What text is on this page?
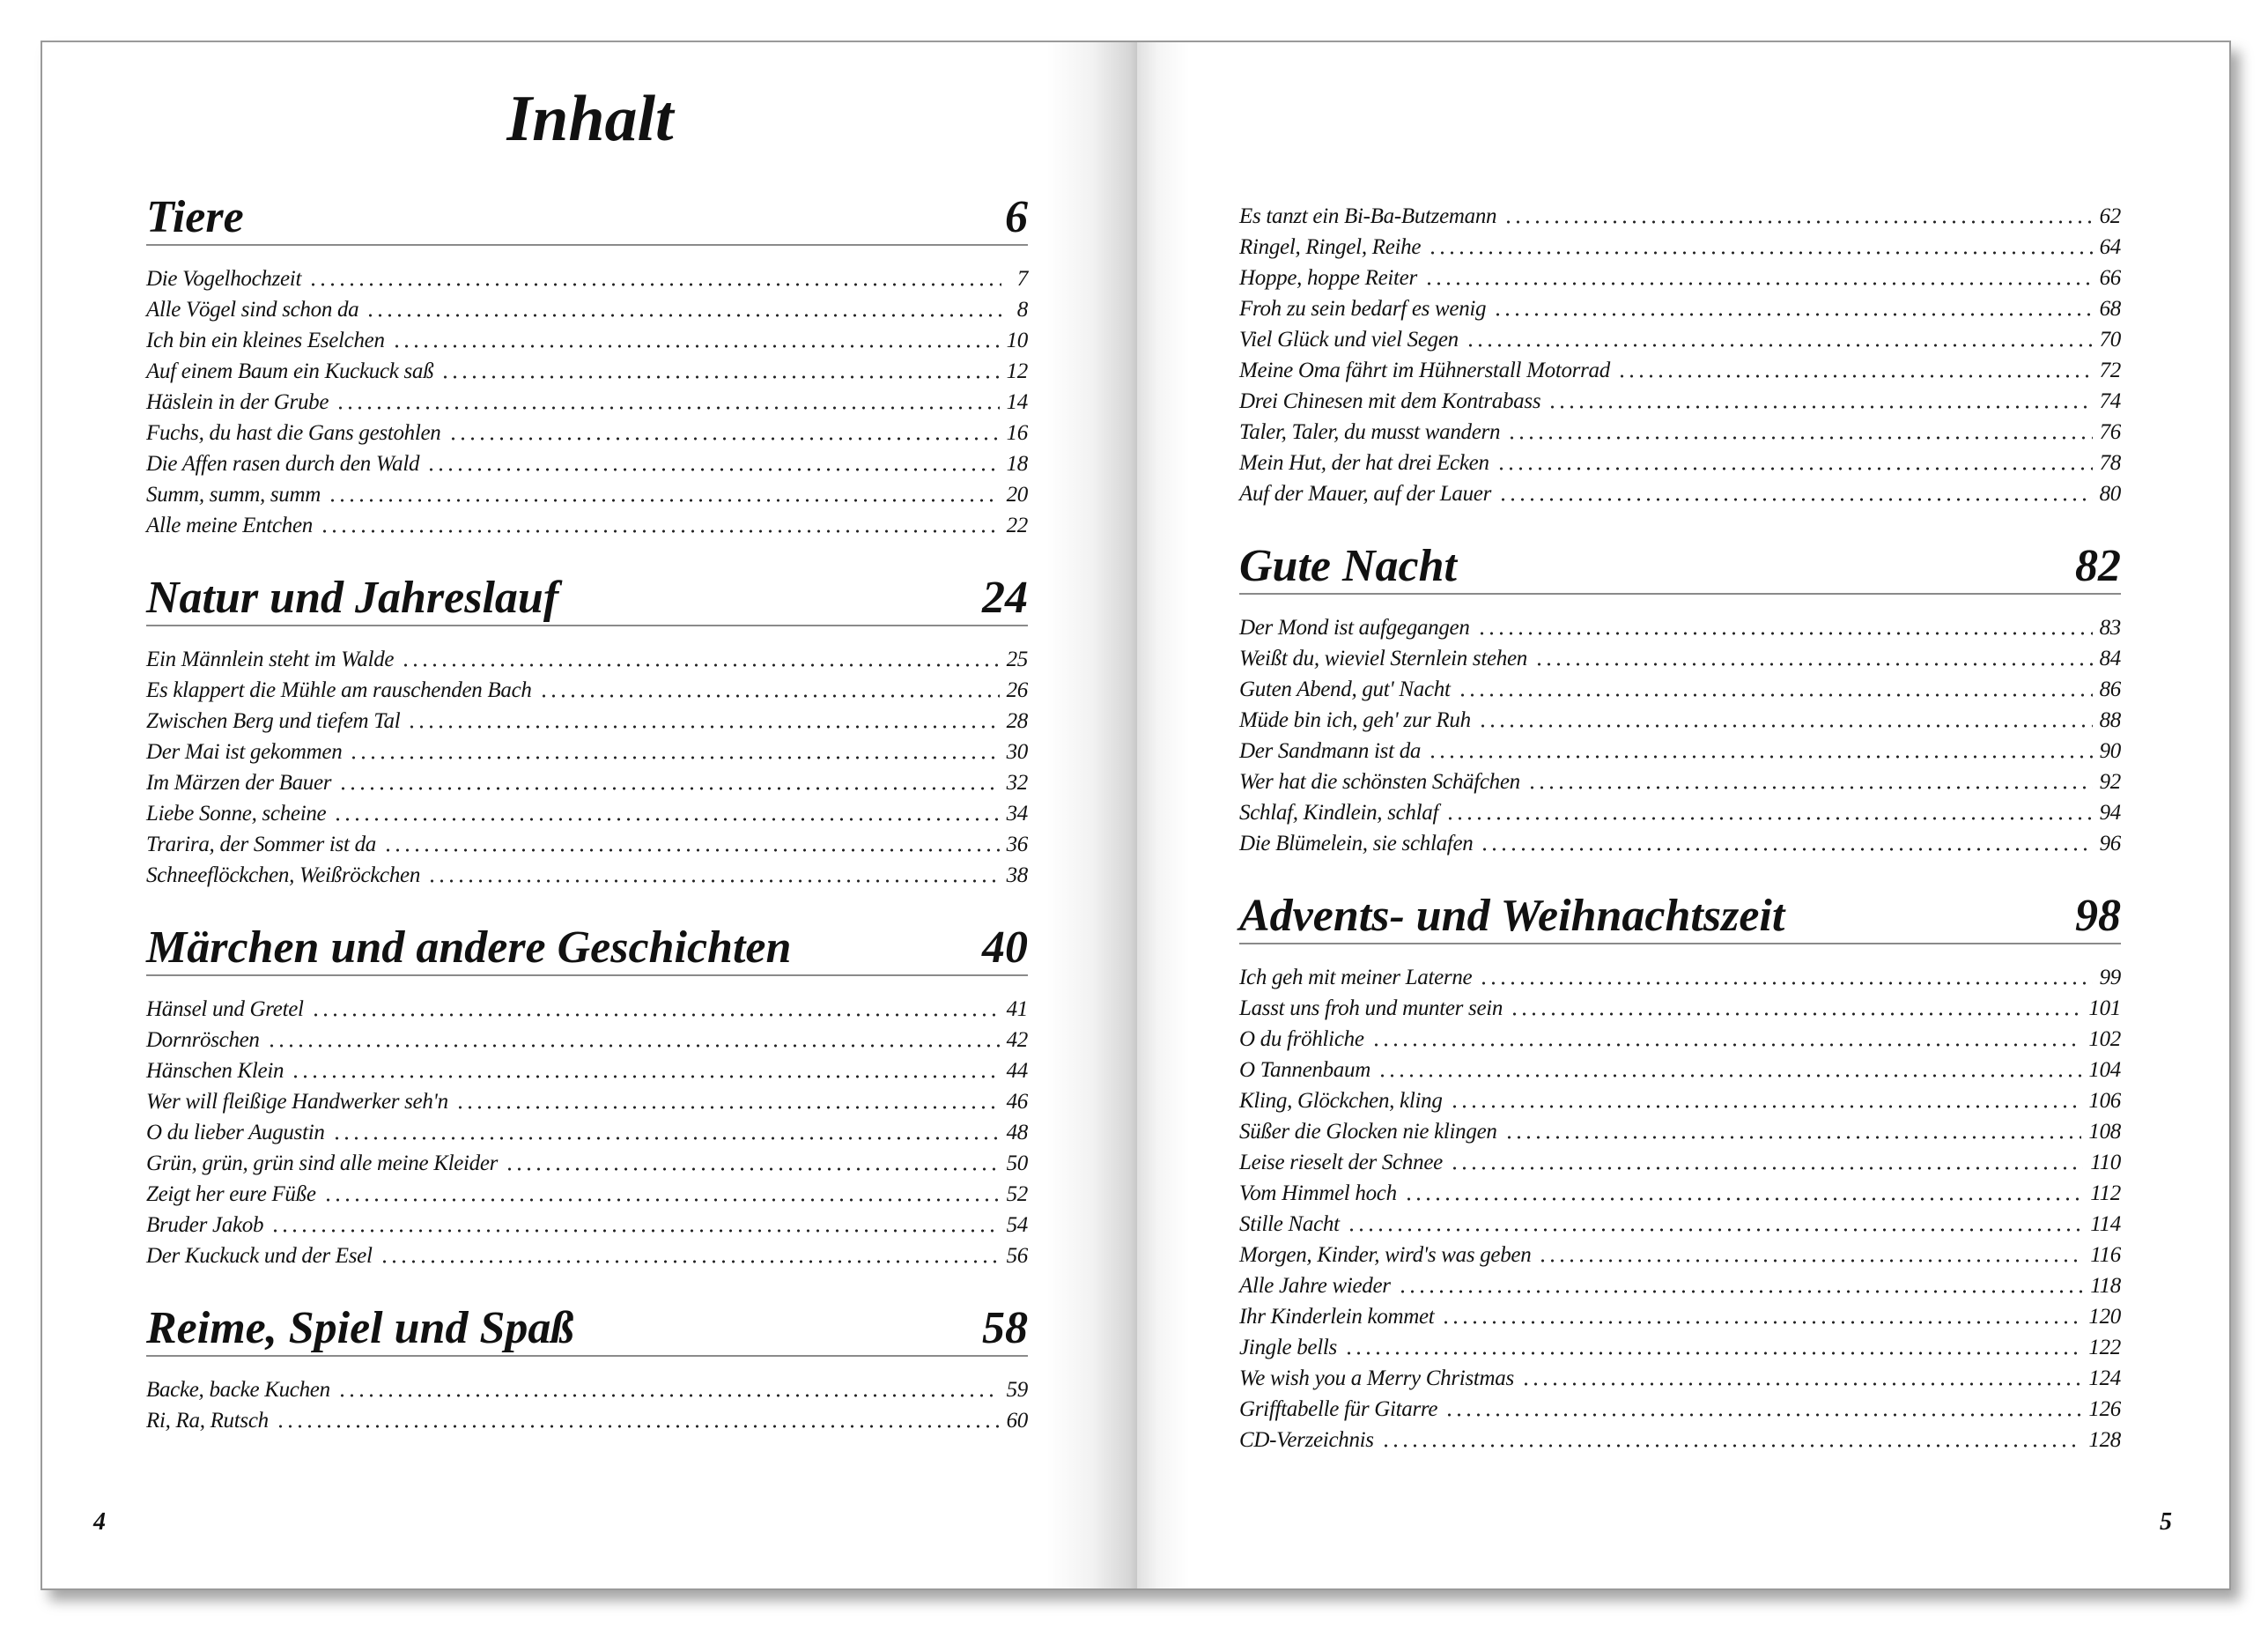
Inhalt
Tiere	6
Die Vogelhochzeit	7
Alle Vögel sind schon da	8
Ich bin ein kleines Eselchen	10
Auf einem Baum ein Kuckuck saß	12
Häslein in der Grube	14
Fuchs, du hast die Gans gestohlen	16
Die Affen rasen durch den Wald	18
Summ, summ, summ	20
Alle meine Entchen	22
Natur und Jahreslauf	24
Ein Männlein steht im Walde	25
Es klappert die Mühle am rauschenden Bach	26
Zwischen Berg und tiefem Tal	28
Der Mai ist gekommen	30
Im Märzen der Bauer	32
Liebe Sonne, scheine	34
Trarira, der Sommer ist da	36
Schneeflöckchen, Weißröckchen	38
Märchen und andere Geschichten	40
Hänsel und Gretel	41
Dornröschen	42
Hänschen Klein	44
Wer will fleißige Handwerker seh'n	46
O du lieber Augustin	48
Grün, grün, grün sind alle meine Kleider	50
Zeigt her eure Füße	52
Bruder Jakob	54
Der Kuckuck und der Esel	56
Reime, Spiel und Spaß	58
Backe, backe Kuchen	59
Ri, Ra, Rutsch	60
Es tanzt ein Bi-Ba-Butzemann	62
Ringel, Ringel, Reihe	64
Hoppe, hoppe Reiter	66
Froh zu sein bedarf es wenig	68
Viel Glück und viel Segen	70
Meine Oma fährt im Hühnerstall Motorrad	72
Drei Chinesen mit dem Kontrabass	74
Taler, Taler, du musst wandern	76
Mein Hut, der hat drei Ecken	78
Auf der Mauer, auf der Lauer	80
Gute Nacht	82
Der Mond ist aufgegangen	83
Weißt du, wieviel Sternlein stehen	84
Guten Abend, gut' Nacht	86
Müde bin ich, geh' zur Ruh	88
Der Sandmann ist da	90
Wer hat die schönsten Schäfchen	92
Schlaf, Kindlein, schlaf	94
Die Blümelein, sie schlafen	96
Advents- und Weihnachtszeit	98
Ich geh mit meiner Laterne	99
Lasst uns froh und munter sein	101
O du fröhliche	102
O Tannenbaum	104
Kling, Glöckchen, kling	106
Süßer die Glocken nie klingen	108
Leise rieselt der Schnee	110
Vom Himmel hoch	112
Stille Nacht	114
Morgen, Kinder, wird's was geben	116
Alle Jahre wieder	118
Ihr Kinderlein kommet	120
Jingle bells	122
We wish you a Merry Christmas	124
Grifftabelle für Gitarre	126
CD-Verzeichnis	128
4	5
